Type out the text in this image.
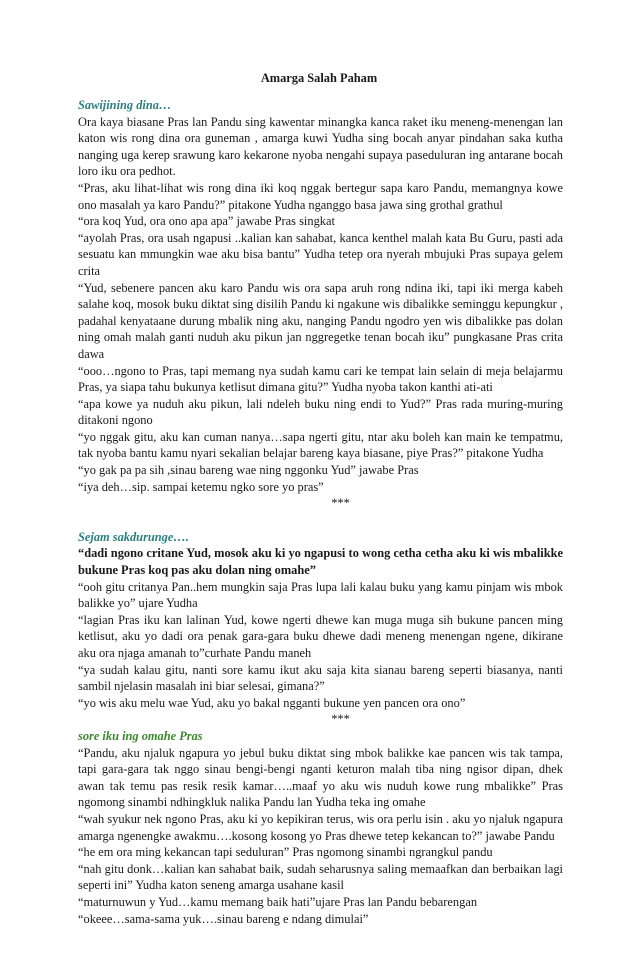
Amarga Salah Paham
Sawijining dina…
Ora kaya biasane Pras lan Pandu sing kawentar minangka kanca raket iku meneng-menengan lan katon wis rong dina ora guneman , amarga kuwi Yudha sing bocah anyar pindahan saka kutha nanging uga kerep srawung karo kekarone nyoba nengahi supaya paseduluran ing antarane bocah loro iku ora pedhot.
“Pras, aku lihat-lihat wis rong dina iki koq nggak bertegur sapa karo Pandu, memangnya kowe ono masalah ya karo Pandu?” pitakone Yudha nganggo basa jawa sing grothal grathul
“ora koq Yud, ora ono apa apa” jawabe Pras singkat
“ayolah Pras, ora usah ngapusi ..kalian kan sahabat, kanca kenthel malah kata Bu Guru, pasti ada sesuatu kan mmungkin wae aku bisa bantu” Yudha tetep ora nyerah mbujuki Pras supaya gelem crita
“Yud, sebenere pancen aku karo Pandu wis ora sapa aruh rong ndina iki, tapi iki merga kabeh salahe koq, mosok buku diktat sing disilih Pandu ki ngakune wis dibalikke seminggu kepungkur , padahal kenyataane durung mbalik ning aku, nanging Pandu ngodro yen wis dibalikke pas dolan ning omah malah ganti nuduh aku pikun jan nggregetke tenan bocah iku” pungkasane Pras crita dawa
“ooo…ngono to Pras, tapi memang nya sudah kamu cari ke tempat lain selain di meja belajarmu Pras, ya siapa tahu bukunya ketlisut dimana gitu?” Yudha nyoba takon kanthi ati-ati
“apa kowe ya nuduh aku pikun, lali ndeleh buku ning endi to Yud?” Pras rada muring-muring ditakoni ngono
“yo nggak gitu, aku kan cuman nanya…sapa ngerti gitu, ntar aku boleh kan main ke tempatmu, tak nyoba bantu kamu nyari sekalian belajar bareng kaya biasane, piye Pras?” pitakone Yudha
“yo gak pa pa sih ,sinau bareng wae ning nggonku Yud” jawabe Pras
“iya deh…sip. sampai ketemu ngko sore yo pras”
***
Sejam sakdurunge….
“dadi ngono critane Yud, mosok aku ki yo ngapusi to wong cetha cetha aku ki wis mbalikke bukune Pras koq pas aku dolan ning omahe”
“ooh gitu critanya Pan..hem mungkin saja Pras lupa lali kalau buku yang kamu pinjam wis mbok balikke yo” ujare Yudha
“lagian Pras iku kan lalinan Yud, kowe ngerti dhewe kan muga muga sih bukune pancen ming ketlisut, aku yo dadi ora penak gara-gara buku dhewe dadi meneng menengan ngene, dikirane aku ora njaga amanah to”curhate Pandu maneh
“ya sudah kalau gitu, nanti sore kamu ikut aku saja kita sianau bareng seperti biasanya, nanti sambil njelasin masalah ini biar selesai, gimana?”
“yo wis aku melu wae Yud, aku yo bakal ngganti bukune yen pancen ora ono”
***
sore iku ing omahe Pras
“Pandu, aku njaluk ngapura yo jebul buku diktat sing mbok balikke kae pancen wis tak tampa, tapi gara-gara tak nggo sinau bengi-bengi nganti keturon malah tiba ning ngisor dipan, dhek awan tak temu pas resik resik kamar…..maaf yo aku wis nuduh kowe rung mbalikke” Pras ngomong sinambi ndhingkluk nalika Pandu lan Yudha teka ing omahe
“wah syukur nek ngono Pras, aku ki yo kepikiran terus, wis ora perlu isin . aku yo njaluk ngapura amarga ngenengke awakmu….kosong kosong yo Pras dhewe tetep kekancan to?” jawabe Pandu
“he em ora ming kekancan tapi seduluran” Pras ngomong sinambi ngrangkul pandu
“nah gitu donk…kalian kan sahabat baik, sudah seharusnya saling memaafkan dan berbaikan lagi seperti ini” Yudha katon seneng amarga usahane kasil
“maturnuwun y Yud…kamu memang baik hati”ujare Pras lan Pandu bebarengan
“okeee…sama-sama yuk….sinau bareng e ndang dimulai”
